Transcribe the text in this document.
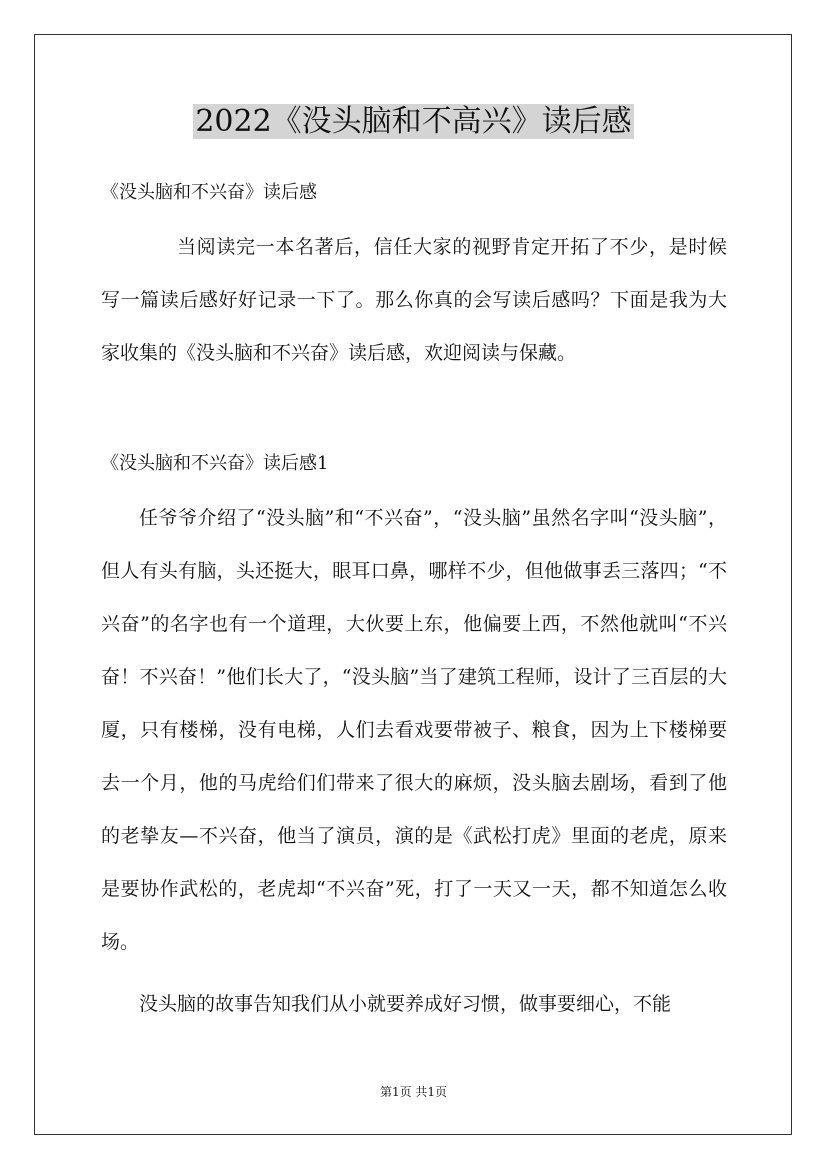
2022《没头脑和不高兴》读后感

《没头脑和不兴奋》读后感

当阅读完一本名著后，信任大家的视野肯定开拓了不少，是时候写一篇读后感好好记录一下了。那么你真的会写读后感吗？下面是我为大家收集的《没头脑和不兴奋》读后感，欢迎阅读与保藏。

《没头脑和不兴奋》读后感1

任爷爷介绍了“没头脑”和“不兴奋”，“没头脑”虽然名字叫“没头脑”，但人有头有脑，头还挺大，眼耳口鼻，哪样不少，但他做事丢三落四；“不兴奋”的名字也有一个道理，大伙要上东，他偏要上西，不然他就叫“不兴奋！不兴奋！”他们长大了，“没头脑”当了建筑工程师，设计了三百层的大厦，只有楼梯，没有电梯，人们去看戏要带被子、粮食，因为上下楼梯要去一个月，他的马虎给们们带来了很大的麻烦，没头脑去剧场，看到了他的老挚友—不兴奋，他当了演员，演的是《武松打虎》里面的老虎，原来是要协作武松的，老虎却“不兴奋”死，打了一天又一天，都不知道怎么收场。

没头脑的故事告知我们从小就要养成好习惯，做事要细心，不能

第1页 共1页
